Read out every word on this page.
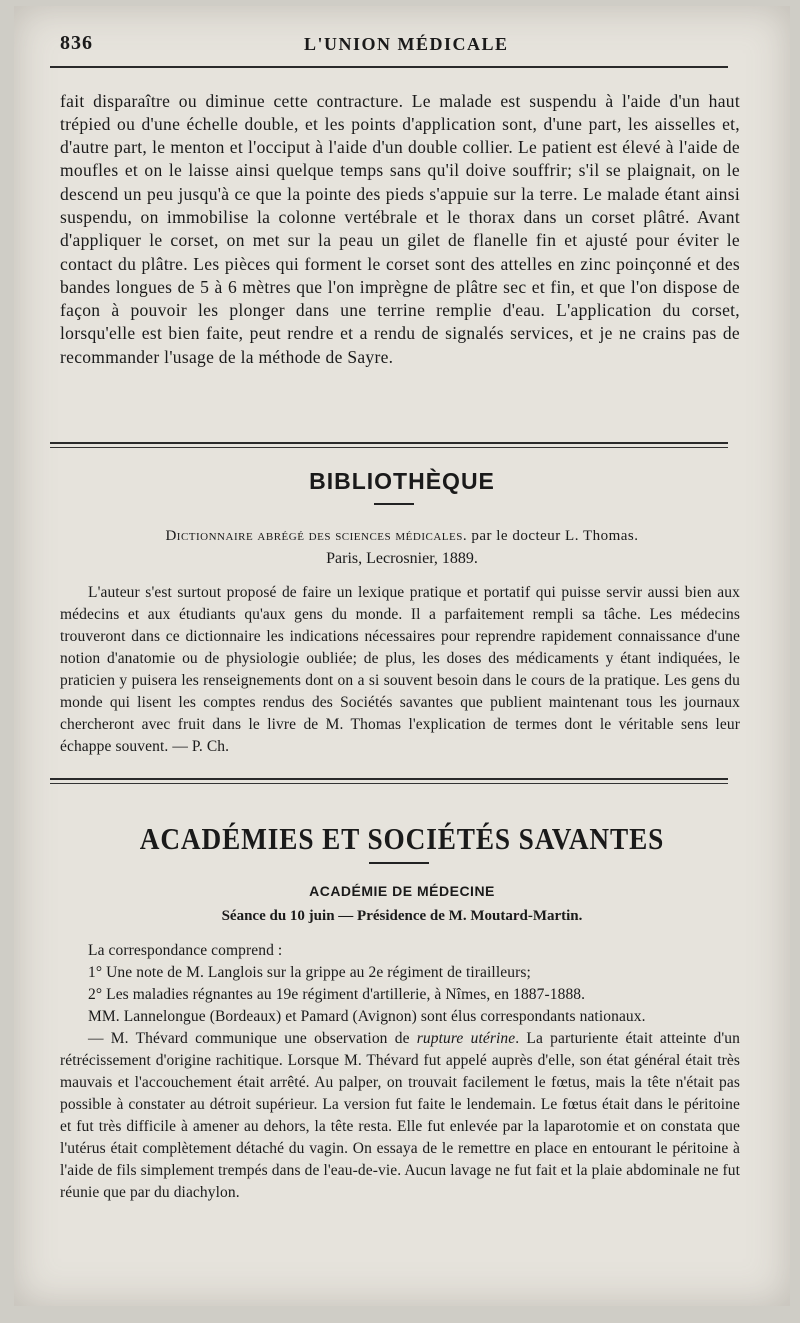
836	L'UNION MÉDICALE

fait disparaître ou diminue cette contracture. Le malade est suspendu à l'aide d'un haut trépied ou d'une échelle double, et les points d'application sont, d'une part, les aisselles et, d'autre part, le menton et l'occiput à l'aide d'un double collier. Le patient est élevé à l'aide de moufles et on le laisse ainsi quelque temps sans qu'il doive souffrir; s'il se plaignait, on le descend un peu jusqu'à ce que la pointe des pieds s'appuie sur la terre. Le malade étant ainsi suspendu, on immobilise la colonne vertébrale et le thorax dans un corset plâtré. Avant d'appliquer le corset, on met sur la peau un gilet de flanelle fin et ajusté pour éviter le contact du plâtre. Les pièces qui forment le corset sont des attelles en zinc poinçonné et des bandes longues de 5 à 6 mètres que l'on imprègne de plâtre sec et fin, et que l'on dispose de façon à pouvoir les plonger dans une terrine remplie d'eau. L'application du corset, lorsqu'elle est bien faite, peut rendre et a rendu de signalés services, et je ne crains pas de recommander l'usage de la méthode de Sayre.

BIBLIOTHÈQUE
Dictionnaire abrégé des sciences médicales. par le docteur L. Thomas.
Paris, Lecrosnier, 1889.

L'auteur s'est surtout proposé de faire un lexique pratique et portatif qui puisse servir aussi bien aux médecins et aux étudiants qu'aux gens du monde. Il a parfaitement rempli sa tâche. Les médecins trouveront dans ce dictionnaire les indications nécessaires pour reprendre rapidement connaissance d'une notion d'anatomie ou de physiologie oubliée; de plus, les doses des médicaments y étant indiquées, le praticien y puisera les renseignements dont on a si souvent besoin dans le cours de la pratique. Les gens du monde qui lisent les comptes rendus des Sociétés savantes que publient maintenant tous les journaux chercheront avec fruit dans le livre de M. Thomas l'explication de termes dont le véritable sens leur échappe souvent. — P. Ch.

ACADÉMIES ET SOCIÉTÉS SAVANTES
ACADÉMIE DE MÉDECINE
Séance du 10 juin — Présidence de M. Moutard-Martin.

La correspondance comprend :

1° Une note de M. Langlois sur la grippe au 2e régiment de tirailleurs;

2° Les maladies régnantes au 19e régiment d'artillerie, à Nîmes, en 1887-1888.

MM. Lannelongue (Bordeaux) et Pamard (Avignon) sont élus correspondants nationaux.

— M. Thévard communique une observation de rupture utérine. La parturiente était atteinte d'un rétrécissement d'origine rachitique. Lorsque M. Thévard fut appelé auprès d'elle, son état général était très mauvais et l'accouchement était arrêté. Au palper, on trouvait facilement le fœtus, mais la tête n'était pas possible à constater au détroit supérieur. La version fut faite le lendemain. Le fœtus était dans le péritoine et fut très difficile à amener au dehors, la tête resta. Elle fut enlevée par la laparotomie et on constata que l'utérus était complètement détaché du vagin. On essaya de le remettre en place en entourant le péritoine à l'aide de fils simplement trempés dans de l'eau-de-vie. Aucun lavage ne fut fait et la plaie abdominale ne fut réunie que par du diachylon.
